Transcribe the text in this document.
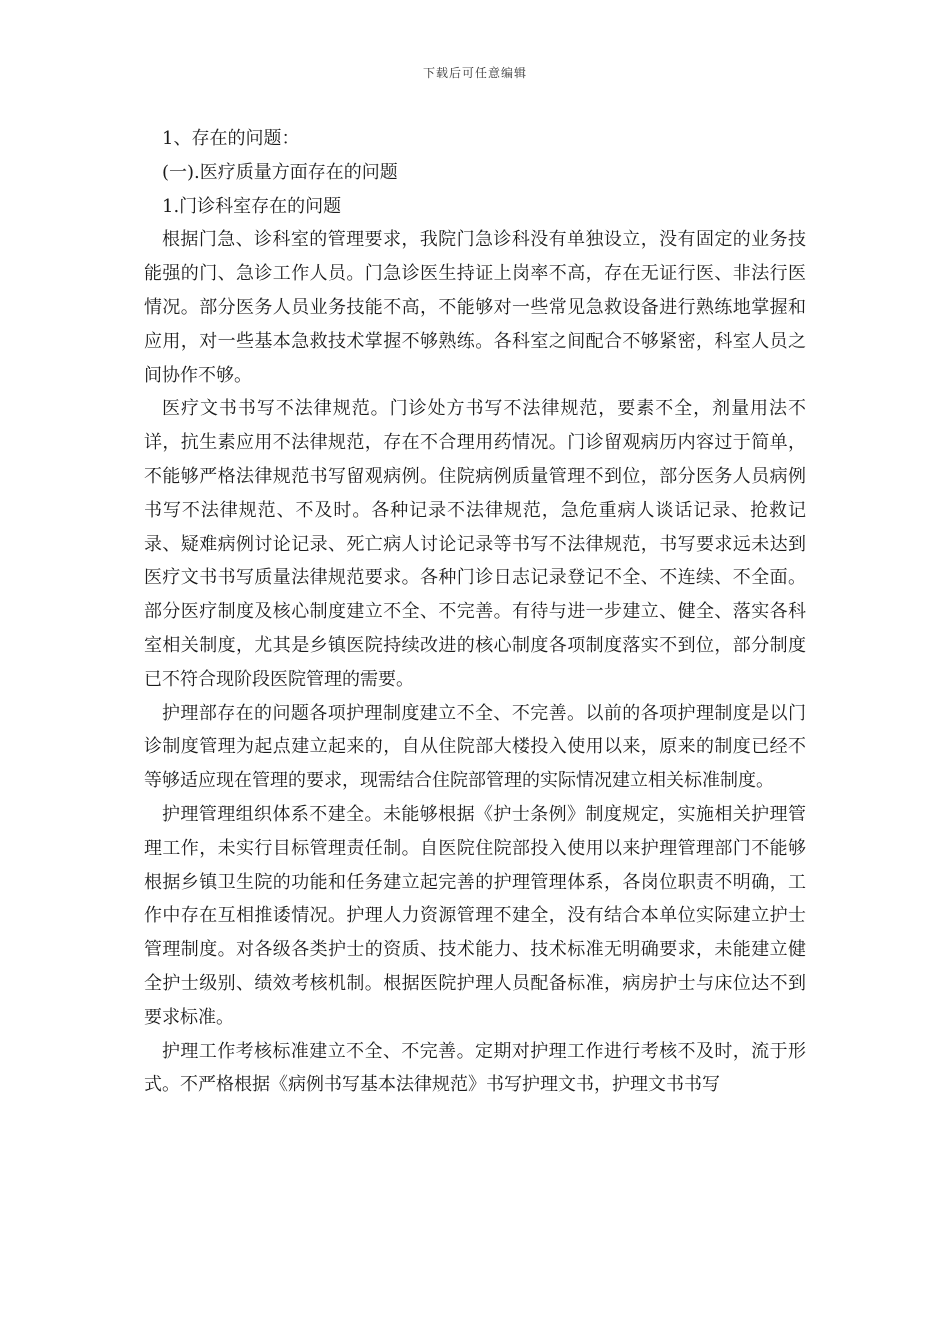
下载后可任意编辑

1、存在的问题：

(一).医疗质量方面存在的问题

1.门诊科室存在的问题

根据门急、诊科室的管理要求，我院门急诊科没有单独设立，没有固定的业务技能强的门、急诊工作人员。门急诊医生持证上岗率不高，存在无证行医、非法行医情况。部分医务人员业务技能不高，不能够对一些常见急救设备进行熟练地掌握和应用，对一些基本急救技术掌握不够熟练。各科室之间配合不够紧密，科室人员之间协作不够。

医疗文书书写不法律规范。门诊处方书写不法律规范，要素不全，剂量用法不详，抗生素应用不法律规范，存在不合理用药情况。门诊留观病历内容过于简单，不能够严格法律规范书写留观病例。住院病例质量管理不到位，部分医务人员病例书写不法律规范、不及时。各种记录不法律规范，急危重病人谈话记录、抢救记录、疑难病例讨论记录、死亡病人讨论记录等书写不法律规范，书写要求远未达到医疗文书书写质量法律规范要求。各种门诊日志记录登记不全、不连续、不全面。部分医疗制度及核心制度建立不全、不完善。有待与进一步建立、健全、落实各科室相关制度，尤其是乡镇医院持续改进的核心制度各项制度落实不到位，部分制度已不符合现阶段医院管理的需要。

护理部存在的问题各项护理制度建立不全、不完善。以前的各项护理制度是以门诊制度管理为起点建立起来的，自从住院部大楼投入使用以来，原来的制度已经不等够适应现在管理的要求，现需结合住院部管理的实际情况建立相关标准制度。

护理管理组织体系不建全。未能够根据《护士条例》制度规定，实施相关护理管理工作，未实行目标管理责任制。自医院住院部投入使用以来护理管理部门不能够根据乡镇卫生院的功能和任务建立起完善的护理管理体系，各岗位职责不明确，工作中存在互相推诿情况。护理人力资源管理不建全，没有结合本单位实际建立护士管理制度。对各级各类护士的资质、技术能力、技术标准无明确要求，未能建立健全护士级别、绩效考核机制。根据医院护理人员配备标准，病房护士与床位达不到要求标准。

护理工作考核标准建立不全、不完善。定期对护理工作进行考核不及时，流于形式。不严格根据《病例书写基本法律规范》书写护理文书，护理文书书写
